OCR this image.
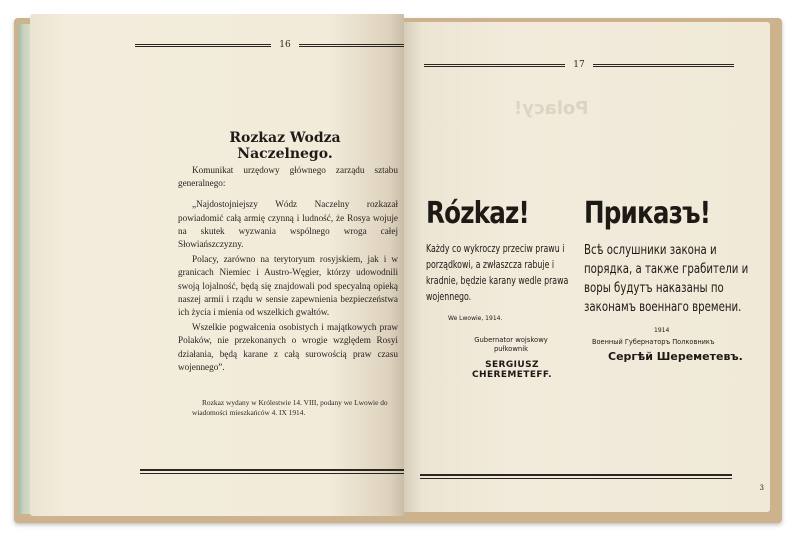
16
Rozkaz Wodza Naczelnego.

Komunikat urzędowy głównego zarządu sztabu generalnego:

„Najdostojniejszy Wódz Naczelny rozkazał powiadomić całą armię czynną i ludność, że Rosya wojuje na skutek wyzwania wspólnego wroga całej Słowiańszczyzny.

Polacy, zarówno na terytoryum rosyjskiem, jak i w granicach Niemiec i Austro-Węgier, którzy udowodnili swoją lojalność, będą się znajdowali pod specyalną opieką naszej armii i rządu w sensie zapewnienia bezpieczeństwa ich życia i mienia od wszelkich gwałtów.

Wszelkie pogwałcenia osobistych i majątkowych praw Polaków, nie przekonanych o wrogie względem Rosyi działania, będą karane z całą surowością praw czasu wojennego”.

Rozkaz wydany w Królestwie 14. VIII, podany we Lwowie do wiadomości mieszkańców 4. IX 1914.
Polacy!
17
Rózkaz!
Każdy co wykroczy przeciw prawu i porządkowi, a zwłaszcza rabuje i kradnie, będzie karany wedle prawa wojennego.
We Lwowie, 1914.
Gubernator wojskowy
pułkownik
SERGIUSZ CHEREMETEFF.
Приказъ!
Всѣ ослушники закона и порядка, а также грабители и воры будутъ наказаны по законамъ военнаго времени.
1914
Военный Губернаторъ Полковникъ
Сергѣй Шереметевъ.
3
